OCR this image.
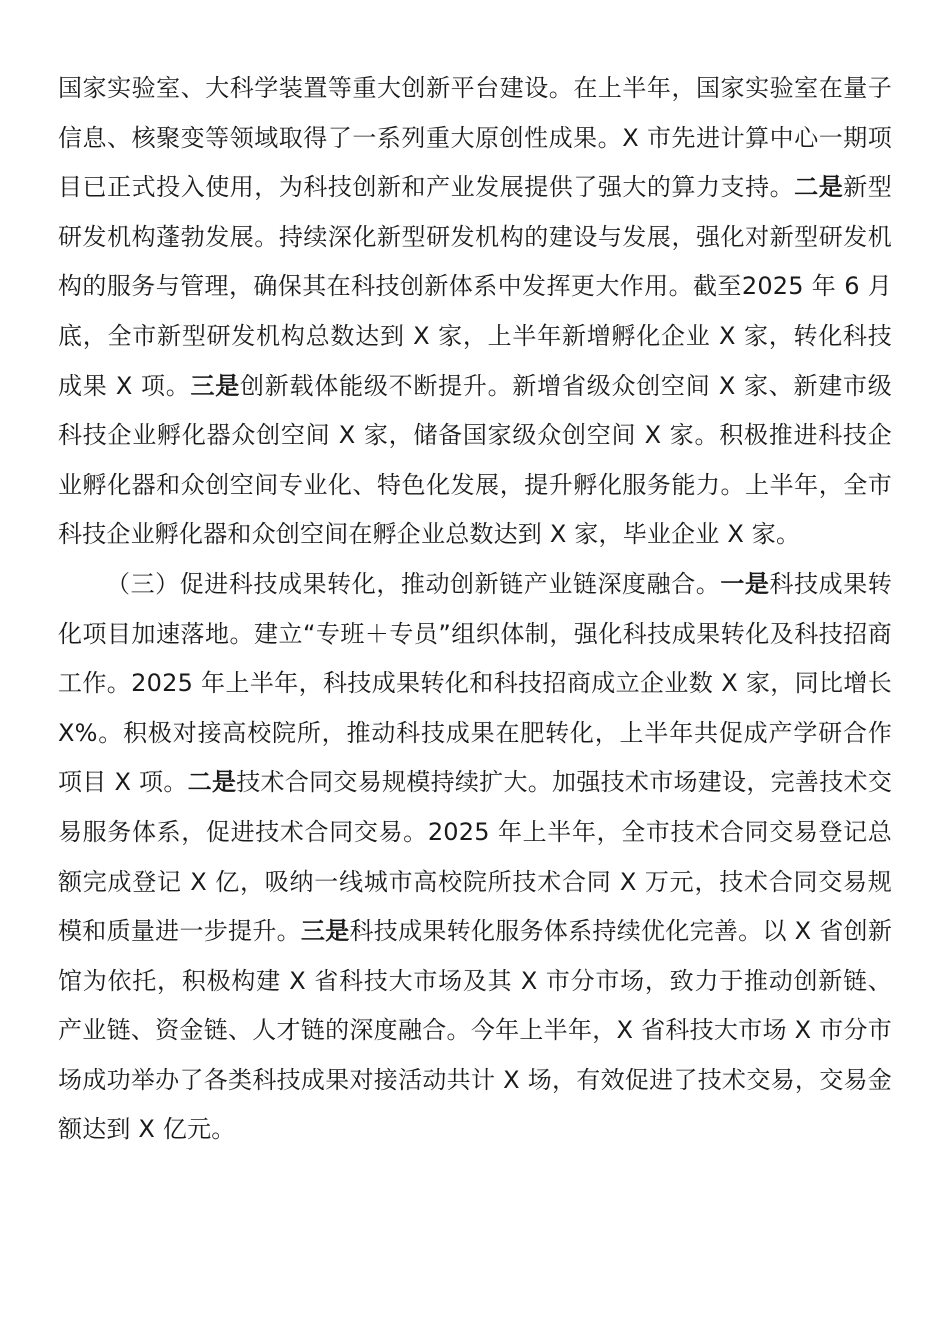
国家实验室、大科学装置等重大创新平台建设。在上半年，国家实验室在量子信息、核聚变等领域取得了一系列重大原创性成果。X 市先进计算中心一期项目已正式投入使用，为科技创新和产业发展提供了强大的算力支持。二是新型研发机构蓬勃发展。持续深化新型研发机构的建设与发展，强化对新型研发机构的服务与管理，确保其在科技创新体系中发挥更大作用。截至2025 年 6 月底，全市新型研发机构总数达到 X 家，上半年新增孵化企业 X 家，转化科技成果 X 项。三是创新载体能级不断提升。新增省级众创空间 X 家、新建市级科技企业孵化器众创空间 X 家，储备国家级众创空间 X 家。积极推进科技企业孵化器和众创空间专业化、特色化发展，提升孵化服务能力。上半年，全市科技企业孵化器和众创空间在孵企业总数达到 X 家，毕业企业 X 家。

（三）促进科技成果转化，推动创新链产业链深度融合。一是科技成果转化项目加速落地。建立“专班＋专员”组织体制，强化科技成果转化及科技招商工作。2025 年上半年，科技成果转化和科技招商成立企业数 X 家，同比增长 X%。积极对接高校院所，推动科技成果在肥转化，上半年共促成产学研合作项目 X 项。二是技术合同交易规模持续扩大。加强技术市场建设，完善技术交易服务体系，促进技术合同交易。2025 年上半年，全市技术合同交易登记总额完成登记 X 亿，吸纳一线城市高校院所技术合同 X 万元，技术合同交易规模和质量进一步提升。三是科技成果转化服务体系持续优化完善。以 X 省创新馆为依托，积极构建 X 省科技大市场及其 X 市分市场，致力于推动创新链、产业链、资金链、人才链的深度融合。今年上半年，X 省科技大市场 X 市分市场成功举办了各类科技成果对接活动共计 X 场，有效促进了技术交易，交易金额达到 X 亿元。
